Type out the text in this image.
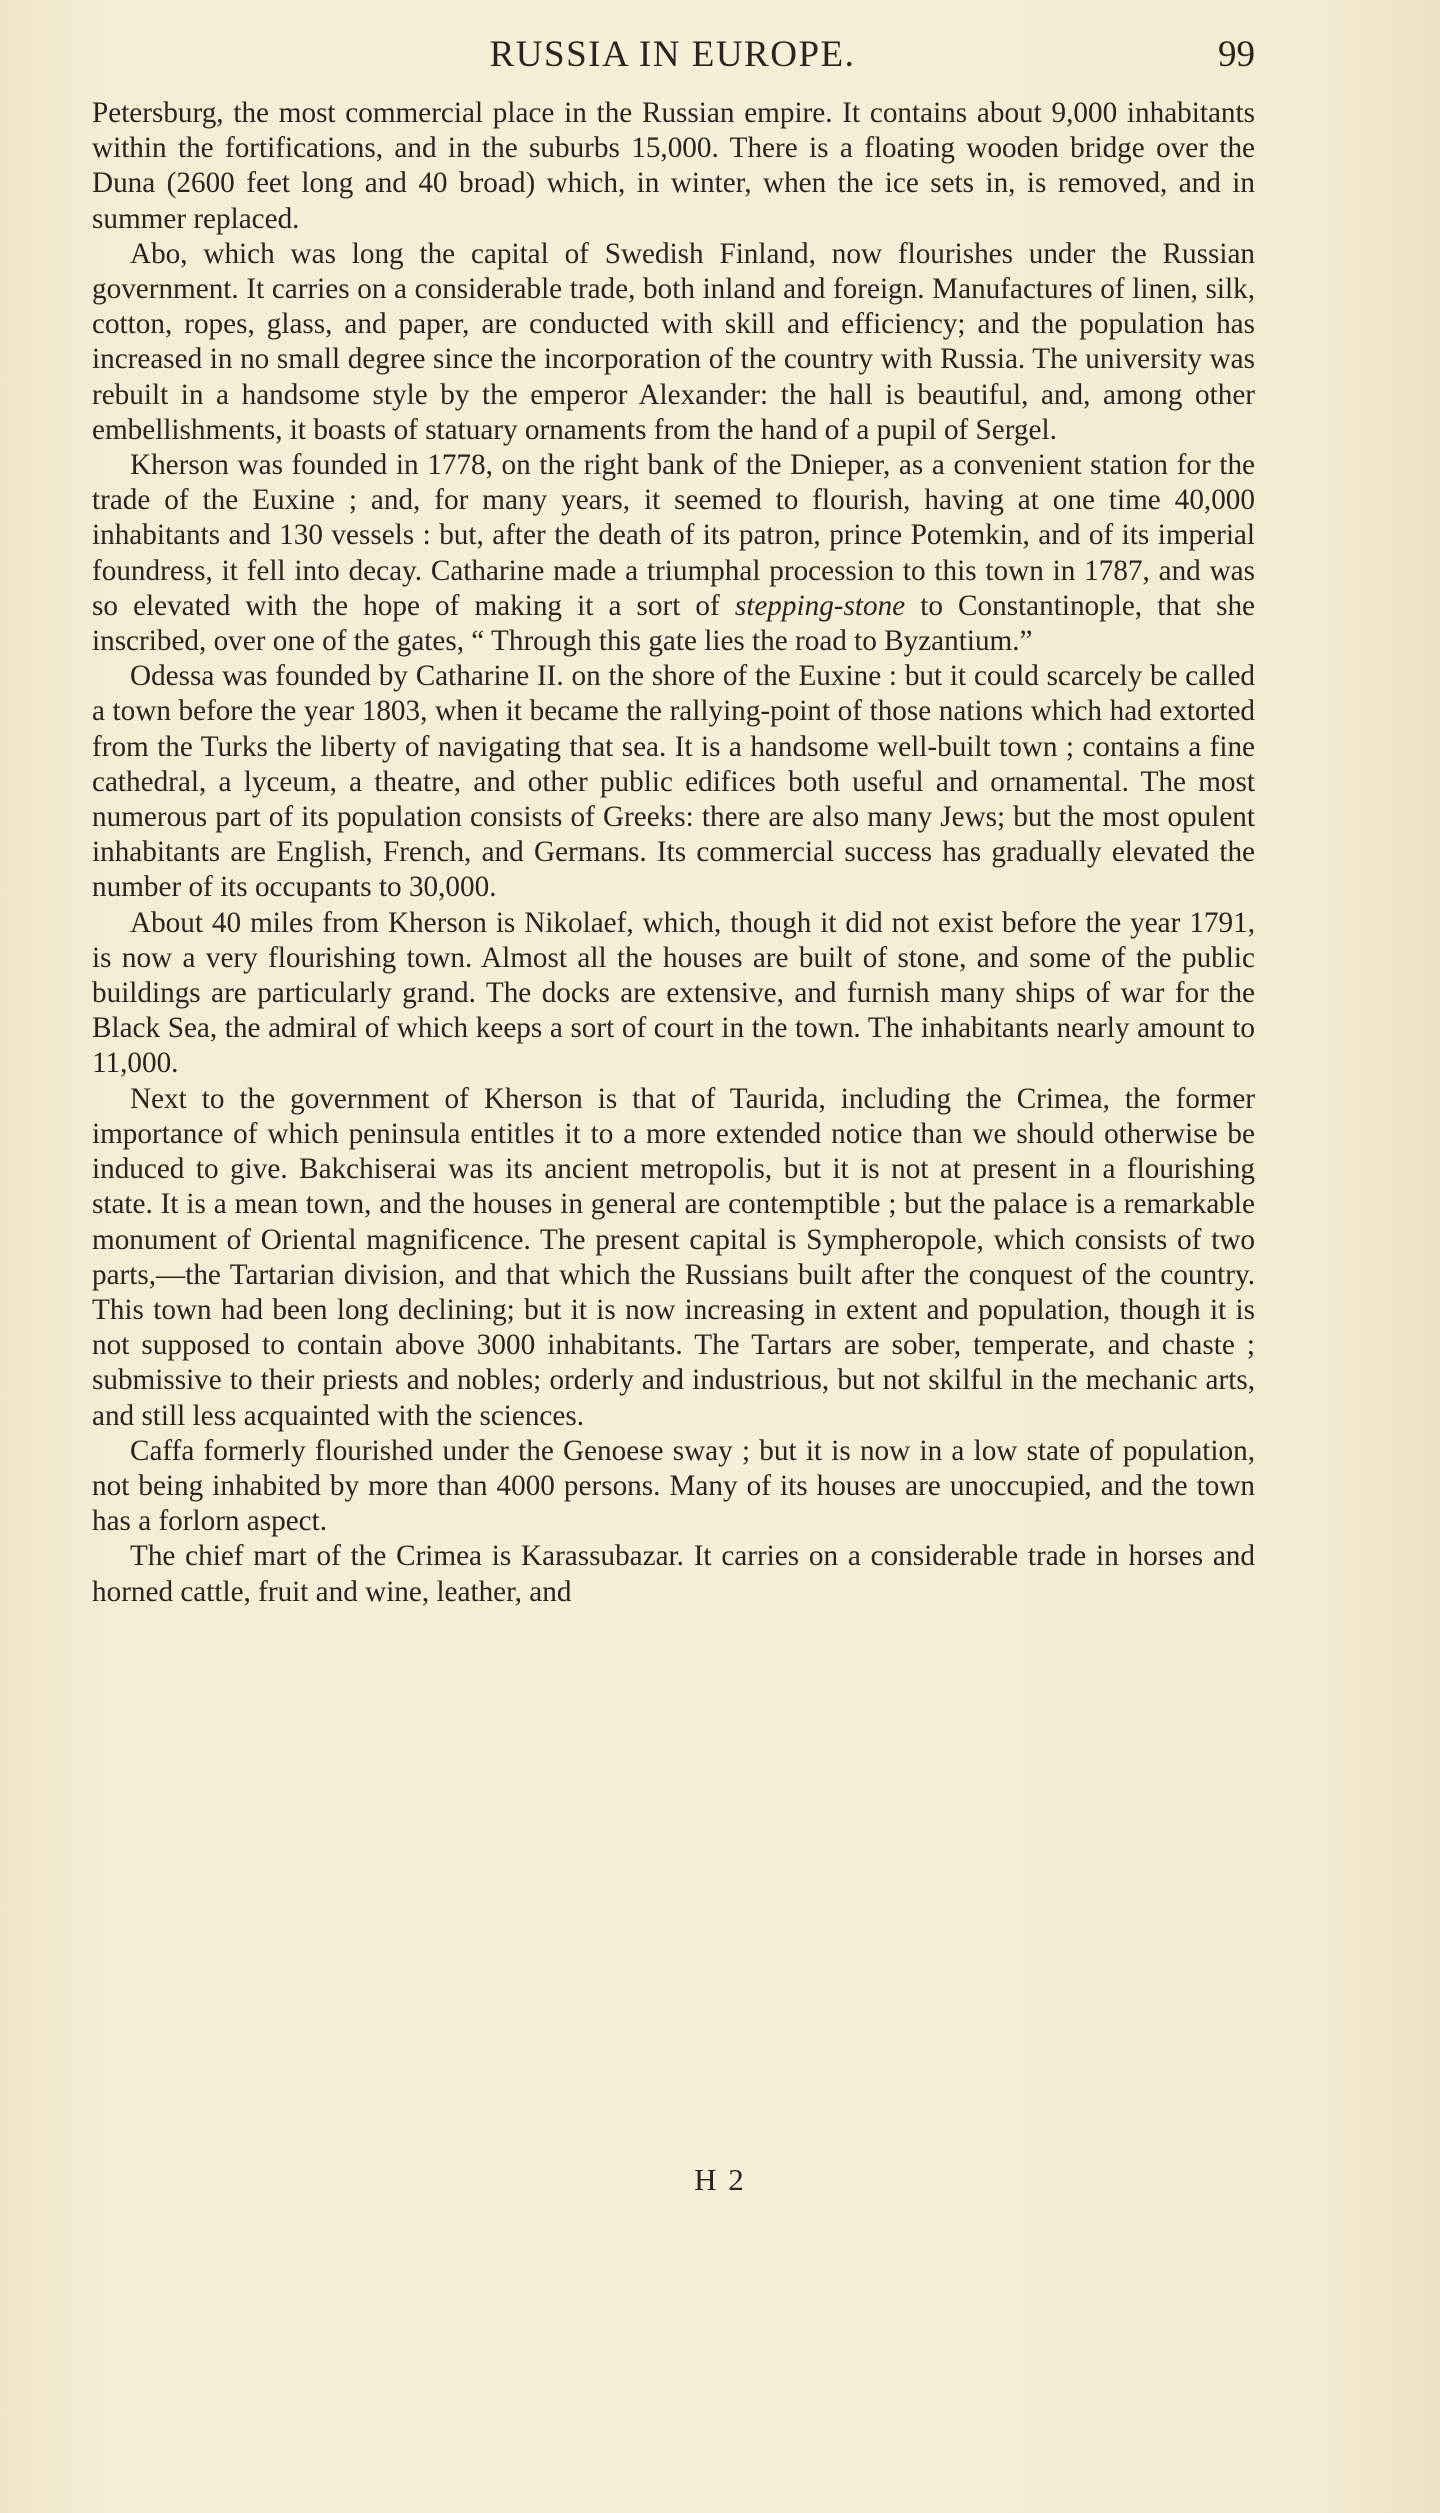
RUSSIA IN EUROPE.	99

Petersburg, the most commercial place in the Russian empire. It contains about 9,000 inhabitants within the fortifications, and in the suburbs 15,000. There is a floating wooden bridge over the Duna (2600 feet long and 40 broad) which, in winter, when the ice sets in, is removed, and in summer replaced.

Abo, which was long the capital of Swedish Finland, now flourishes under the Russian government. It carries on a considerable trade, both inland and foreign. Manufactures of linen, silk, cotton, ropes, glass, and paper, are conducted with skill and efficiency; and the population has increased in no small degree since the incorporation of the country with Russia. The university was rebuilt in a handsome style by the emperor Alexander: the hall is beautiful, and, among other embellishments, it boasts of statuary ornaments from the hand of a pupil of Sergel.

Kherson was founded in 1778, on the right bank of the Dnieper, as a convenient station for the trade of the Euxine ; and, for many years, it seemed to flourish, having at one time 40,000 inhabitants and 130 vessels : but, after the death of its patron, prince Potemkin, and of its imperial foundress, it fell into decay. Catharine made a triumphal procession to this town in 1787, and was so elevated with the hope of making it a sort of stepping-stone to Constantinople, that she inscribed, over one of the gates, “ Through this gate lies the road to Byzantium.”

Odessa was founded by Catharine II. on the shore of the Euxine : but it could scarcely be called a town before the year 1803, when it became the rallying-point of those nations which had extorted from the Turks the liberty of navigating that sea. It is a handsome well-built town ; contains a fine cathedral, a lyceum, a theatre, and other public edifices both useful and ornamental. The most numerous part of its population consists of Greeks: there are also many Jews; but the most opulent inhabitants are English, French, and Germans. Its commercial success has gradually elevated the number of its occupants to 30,000.

About 40 miles from Kherson is Nikolaef, which, though it did not exist before the year 1791, is now a very flourishing town. Almost all the houses are built of stone, and some of the public buildings are particularly grand. The docks are extensive, and furnish many ships of war for the Black Sea, the admiral of which keeps a sort of court in the town. The inhabitants nearly amount to 11,000.

Next to the government of Kherson is that of Taurida, including the Crimea, the former importance of which peninsula entitles it to a more extended notice than we should otherwise be induced to give. Bakchiserai was its ancient metropolis, but it is not at present in a flourishing state. It is a mean town, and the houses in general are contemptible ; but the palace is a remarkable monument of Oriental magnificence. The present capital is Sympheropole, which consists of two parts,—the Tartarian division, and that which the Russians built after the conquest of the country. This town had been long declining; but it is now increasing in extent and population, though it is not supposed to contain above 3000 inhabitants. The Tartars are sober, temperate, and chaste ; submissive to their priests and nobles; orderly and industrious, but not skilful in the mechanic arts, and still less acquainted with the sciences.

Caffa formerly flourished under the Genoese sway ; but it is now in a low state of population, not being inhabited by more than 4000 persons. Many of its houses are unoccupied, and the town has a forlorn aspect.

The chief mart of the Crimea is Karassubazar. It carries on a considerable trade in horses and horned cattle, fruit and wine, leather, and

H 2
